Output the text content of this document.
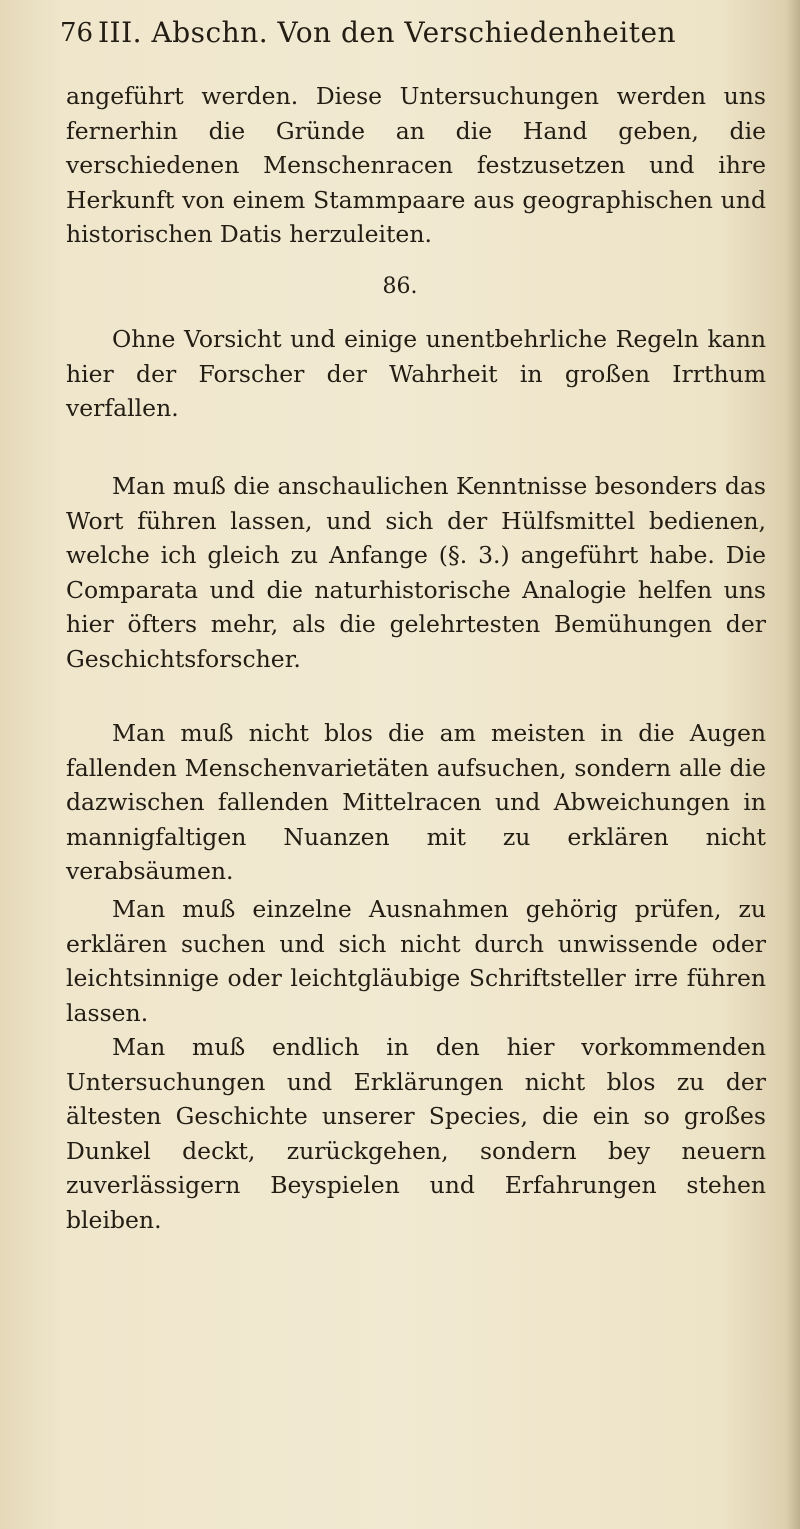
76 III. Abschn. Von den Verschiedenheiten
angeführt werden. Diese Untersuchungen werden uns fernerhin die Gründe an die Hand geben, die verschiedenen Menschenracen festzusetzen und ihre Herkunft von einem Stammpaare aus geographischen und historischen Datis herzuleiten.
86.
Ohne Vorsicht und einige unentbehrliche Regeln kann hier der Forscher der Wahrheit in großen Irrthum verfallen.
Man muß die anschaulichen Kenntnisse besonders das Wort führen lassen, und sich der Hülfsmittel bedienen, welche ich gleich zu Anfange (§. 3.) angeführt habe. Die Comparata und die naturhistorische Analogie helfen uns hier öfters mehr, als die gelehrtesten Bemühungen der Geschichtsforscher.
Man muß nicht blos die am meisten in die Augen fallenden Menschenvarietäten aufsuchen, sondern alle die dazwischen fallenden Mittelracen und Abweichungen in mannigfaltigen Nuanzen mit zu erklären nicht verabsäumen.
Man muß einzelne Ausnahmen gehörig prüfen, zu erklären suchen und sich nicht durch unwissende oder leichtsinnige oder leichtgläubige Schriftsteller irre führen lassen.
Man muß endlich in den hier vorkommenden Untersuchungen und Erklärungen nicht blos zu der ältesten Geschichte unserer Species, die ein so großes Dunkel deckt, zurückgehen, sondern bey neuern zuverlässigern Beyspielen und Erfahrungen stehen bleiben.
